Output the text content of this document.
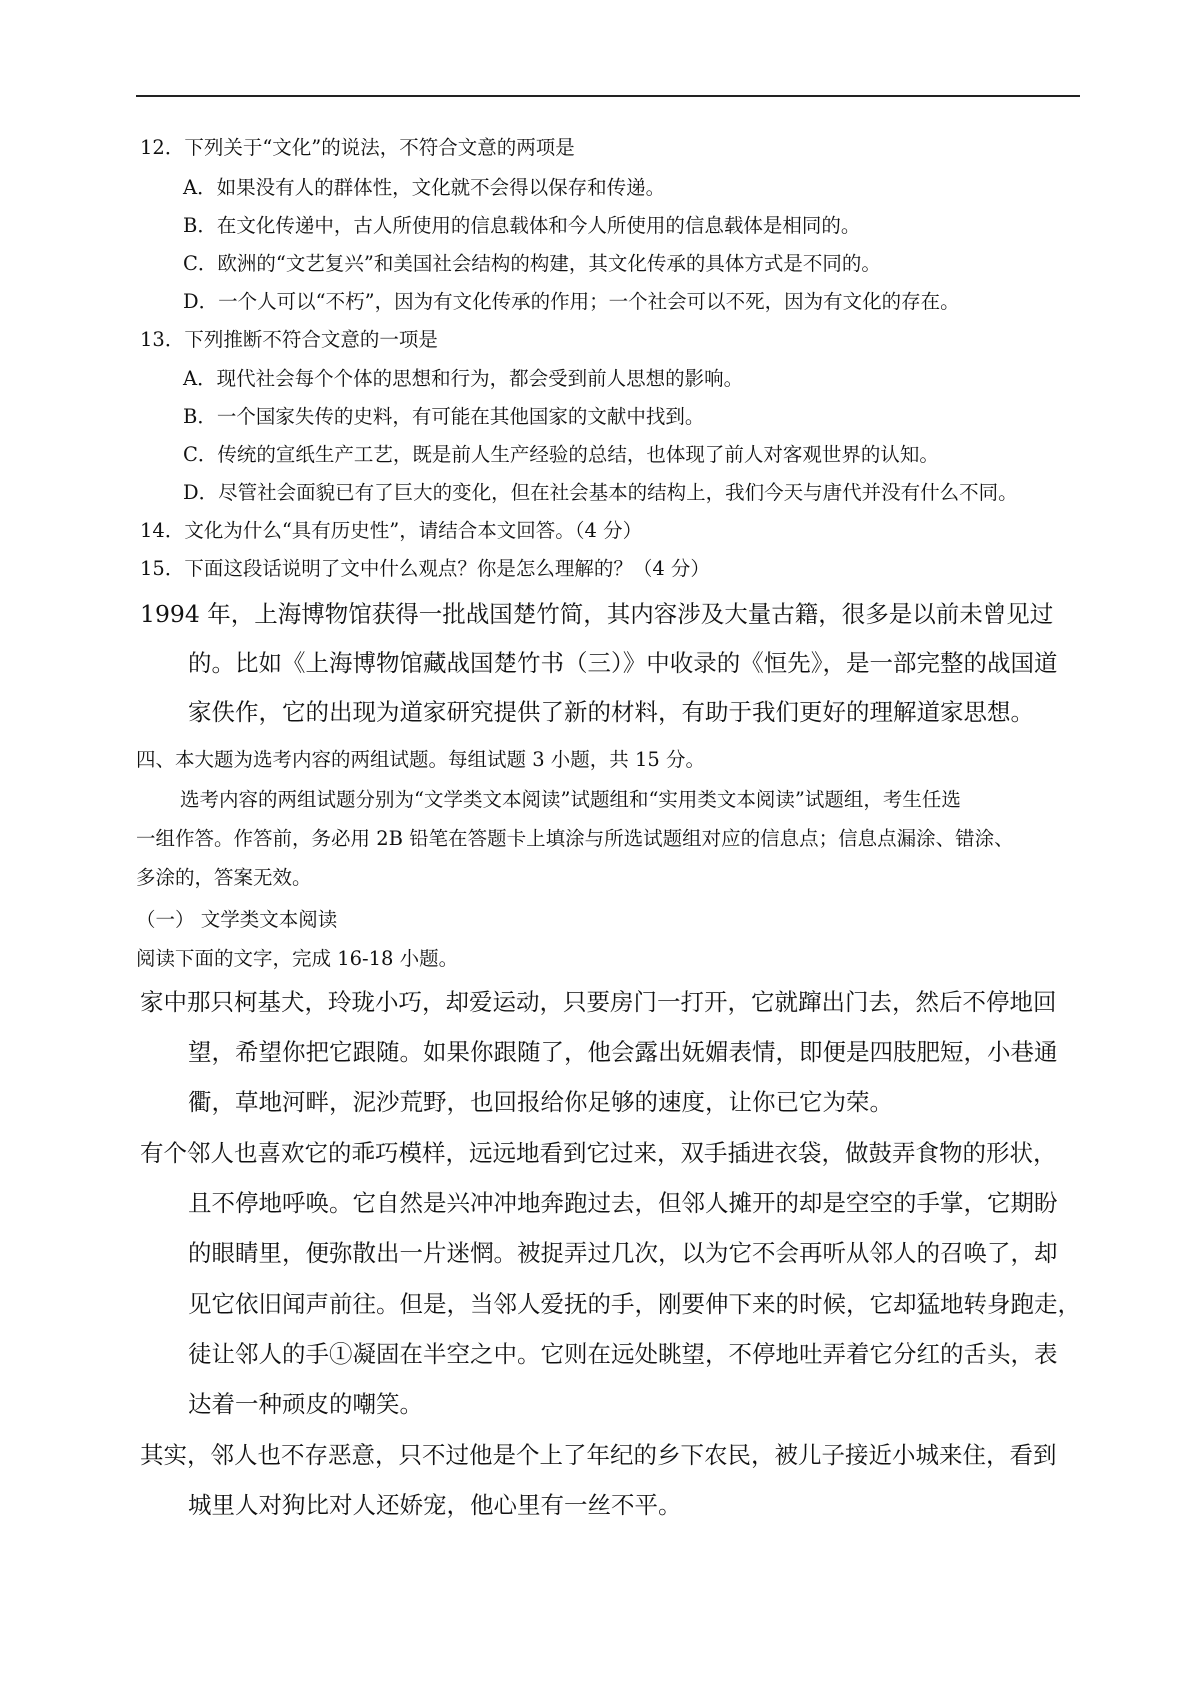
12．下列关于“文化”的说法，不符合文意的两项是
A．如果没有人的群体性，文化就不会得以保存和传递。
B．在文化传递中，古人所使用的信息载体和今人所使用的信息载体是相同的。
C．欧洲的“文艺复兴”和美国社会结构的构建，其文化传承的具体方式是不同的。
D．一个人可以“不朽”，因为有文化传承的作用；一个社会可以不死，因为有文化的存在。
13．下列推断不符合文意的一项是
A．现代社会每个个体的思想和行为，都会受到前人思想的影响。
B．一个国家失传的史料，有可能在其他国家的文献中找到。
C．传统的宣纸生产工艺，既是前人生产经验的总结，也体现了前人对客观世界的认知。
D．尽管社会面貌已有了巨大的变化，但在社会基本的结构上，我们今天与唐代并没有什么不同。
14．文化为什么“具有历史性”，请结合本文回答。（4 分）
15．下面这段话说明了文中什么观点？你是怎么理解的？（4 分）
1994 年，上海博物馆获得一批战国楚竹简，其内容涉及大量古籍，很多是以前未曾见过
的。比如《上海博物馆藏战国楚竹书（三）》中收录的《恒先》，是一部完整的战国道
家佚作，它的出现为道家研究提供了新的材料，有助于我们更好的理解道家思想。
四、本大题为选考内容的两组试题。每组试题 3 小题，共 15 分。
选考内容的两组试题分别为“文学类文本阅读”试题组和“实用类文本阅读”试题组，考生任选
一组作答。作答前，务必用 2B 铅笔在答题卡上填涂与所选试题组对应的信息点；信息点漏涂、错涂、
多涂的，答案无效。
（一） 文学类文本阅读
阅读下面的文字，完成 16-18 小题。
家中那只柯基犬，玲珑小巧，却爱运动，只要房门一打开，它就蹿出门去，然后不停地回
望，希望你把它跟随。如果你跟随了，他会露出妩媚表情，即便是四肢肥短，小巷通
衢，草地河畔，泥沙荒野，也回报给你足够的速度，让你已它为荣。
有个邻人也喜欢它的乖巧模样，远远地看到它过来，双手插进衣袋，做鼓弄食物的形状，
且不停地呼唤。它自然是兴冲冲地奔跑过去，但邻人摊开的却是空空的手掌，它期盼
的眼睛里，便弥散出一片迷惘。被捉弄过几次，以为它不会再听从邻人的召唤了，却
见它依旧闻声前往。但是，当邻人爱抚的手，刚要伸下来的时候，它却猛地转身跑走，
徒让邻人的手①凝固在半空之中。它则在远处眺望，不停地吐弄着它分红的舌头，表
达着一种顽皮的嘲笑。
其实，邻人也不存恶意，只不过他是个上了年纪的乡下农民，被儿子接近小城来住，看到
城里人对狗比对人还娇宠，他心里有一丝不平。
